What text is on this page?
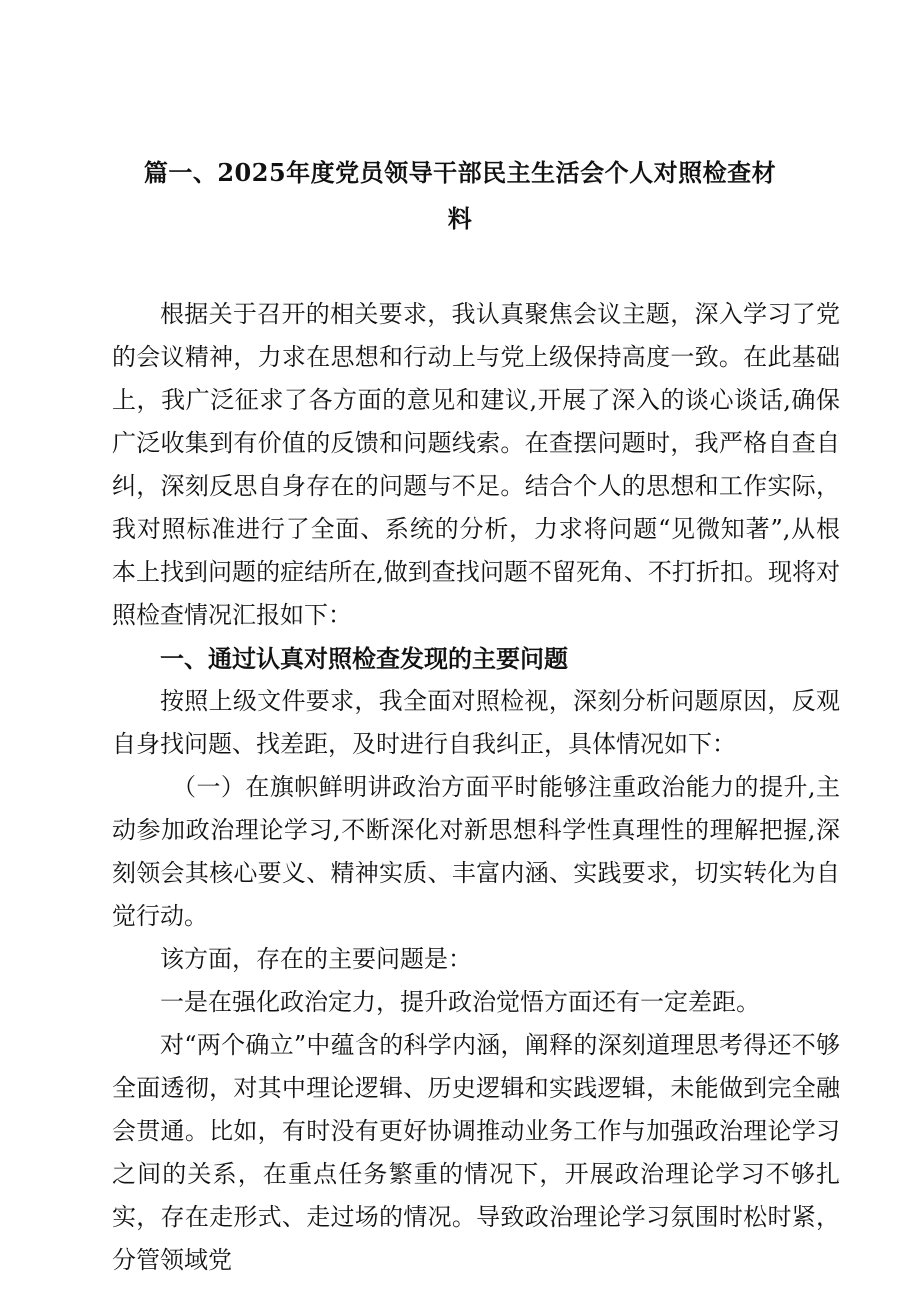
篇一、2025年度党员领导干部民主生活会个人对照检查材
料

根据关于召开的相关要求，我认真聚焦会议主题，深入学习了党的会议精神，力求在思想和行动上与党上级保持高度一致。在此基础上，我广泛征求了各方面的意见和建议,开展了深入的谈心谈话,确保广泛收集到有价值的反馈和问题线索。在查摆问题时，我严格自查自纠，深刻反思自身存在的问题与不足。结合个人的思想和工作实际，我对照标准进行了全面、系统的分析，力求将问题“见微知著”,从根本上找到问题的症结所在,做到查找问题不留死角、不打折扣。现将对照检查情况汇报如下：

一、通过认真对照检查发现的主要问题

按照上级文件要求，我全面对照检视，深刻分析问题原因，反观自身找问题、找差距，及时进行自我纠正，具体情况如下：

（一）在旗帜鲜明讲政治方面平时能够注重政治能力的提升,主动参加政治理论学习,不断深化对新思想科学性真理性的理解把握,深刻领会其核心要义、精神实质、丰富内涵、实践要求，切实转化为自觉行动。

该方面，存在的主要问题是：

一是在强化政治定力，提升政治觉悟方面还有一定差距。

对“两个确立”中蕴含的科学内涵，阐释的深刻道理思考得还不够全面透彻，对其中理论逻辑、历史逻辑和实践逻辑，未能做到完全融会贯通。比如，有时没有更好协调推动业务工作与加强政治理论学习之间的关系，在重点任务繁重的情况下，开展政治理论学习不够扎实，存在走形式、走过场的情况。导致政治理论学习氛围时松时紧，分管领域党
